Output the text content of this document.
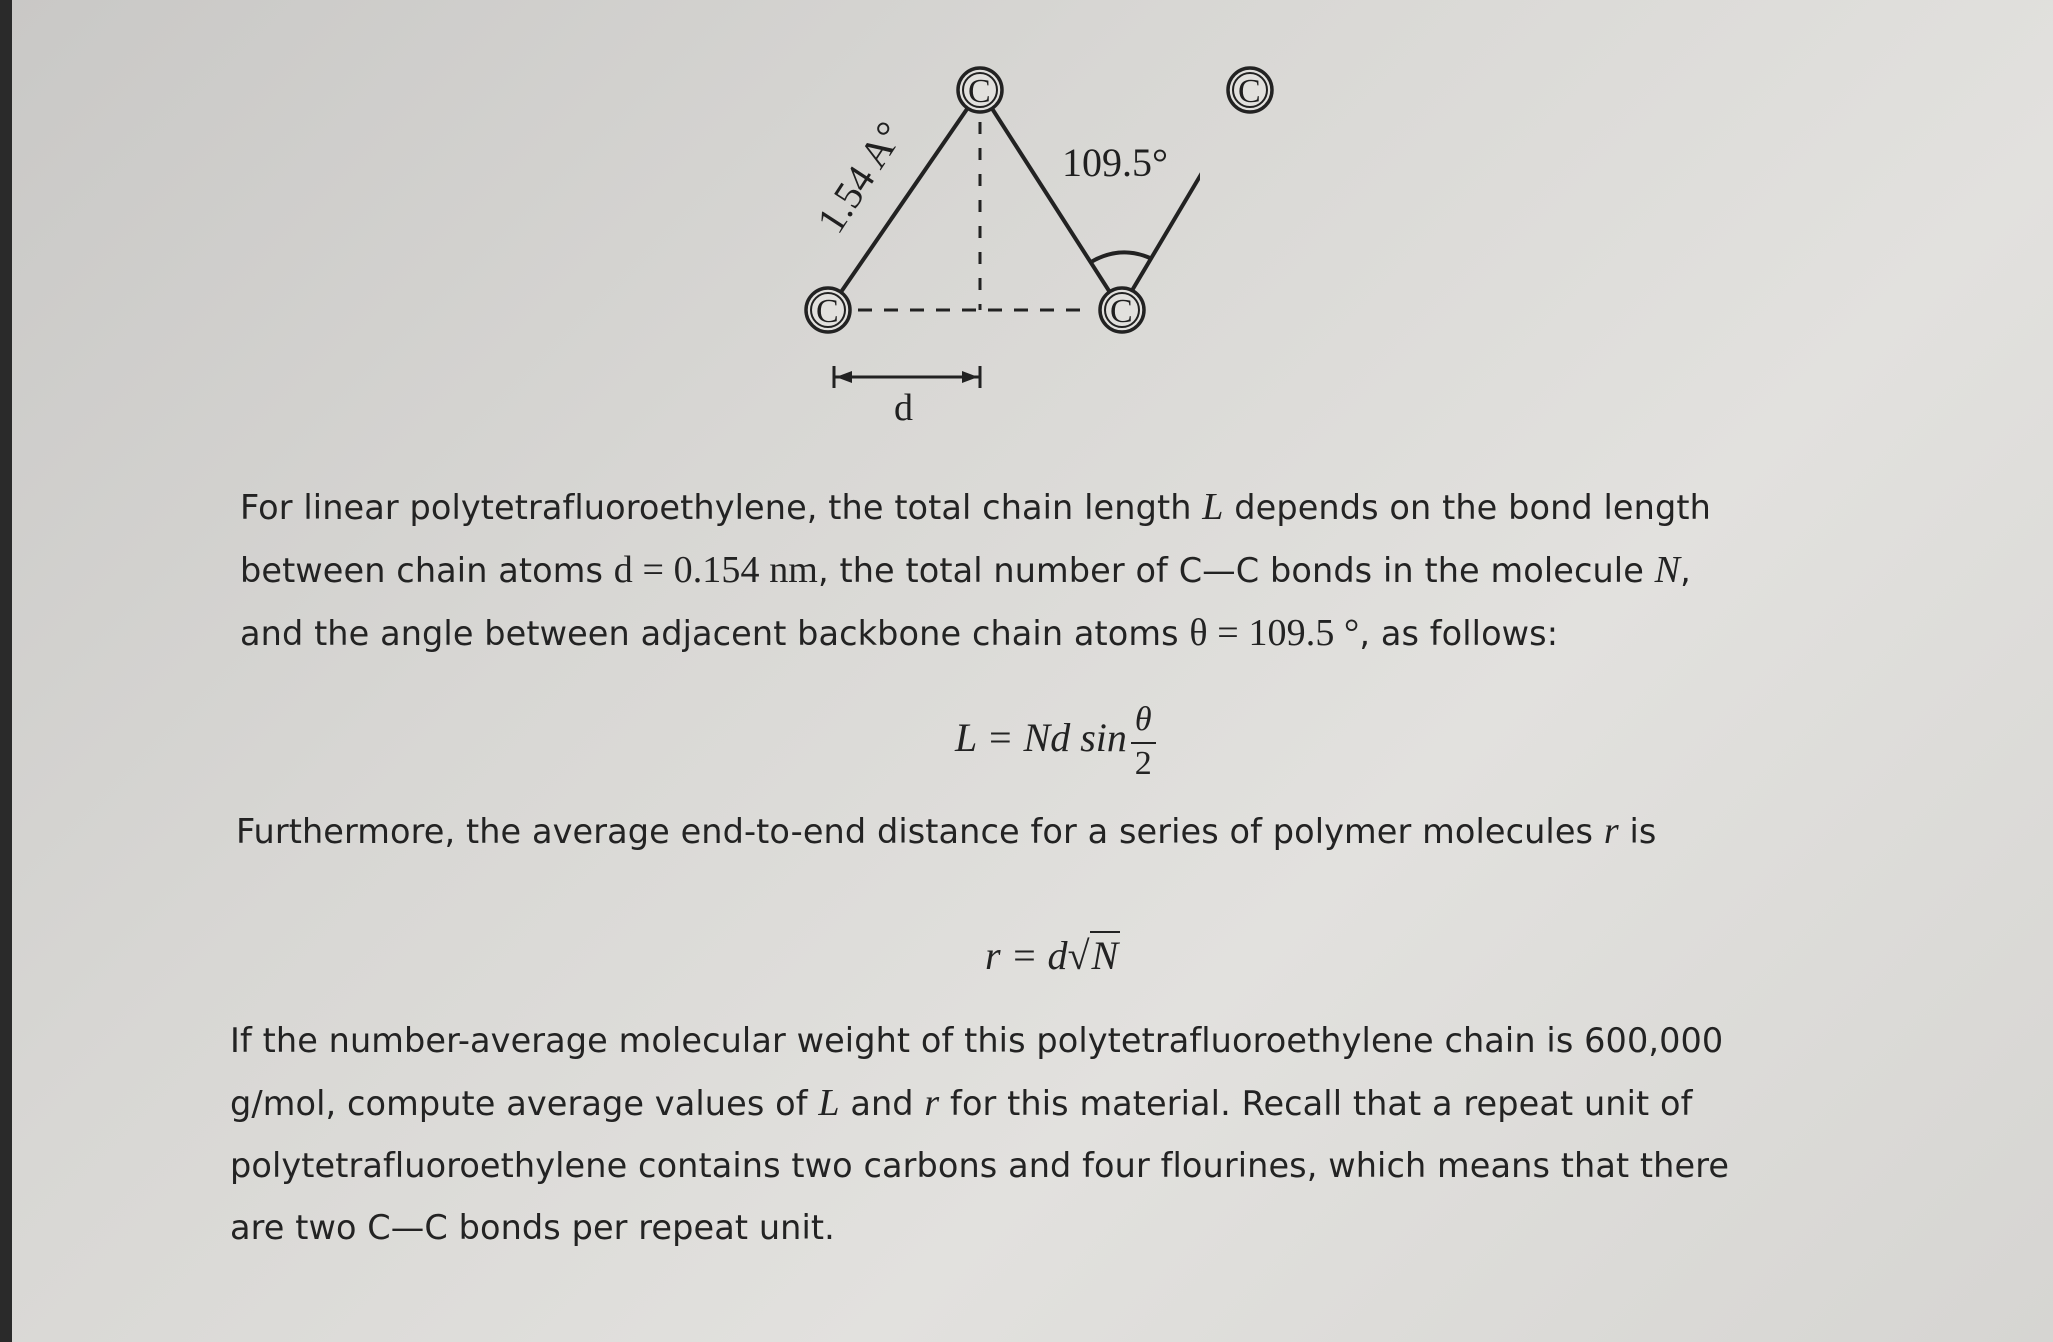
d
C
C
C
1.54 A°	109.5°
C
For linear polytetrafluoroethylene, the total chain length L depends on the bond length
between chain atoms d = 0.154 nm, the total number of C—C bonds in the molecule N,
and the angle between adjacent backbone chain atoms θ = 109.5 °, as follows:
L = Nd $\sin \frac{\theta}{2}$
Furthermore, the average end-to-end distance for a series of polymer molecules r is
r = d√N
If the number-average molecular weight of this polytetrafluoroethylene chain is 600,000
g/mol, compute average values of L and r for this material. Recall that a repeat unit of
polytetrafluoroethylene contains two carbons and four flourines, which means that there
are two C—C bonds per repeat unit.
